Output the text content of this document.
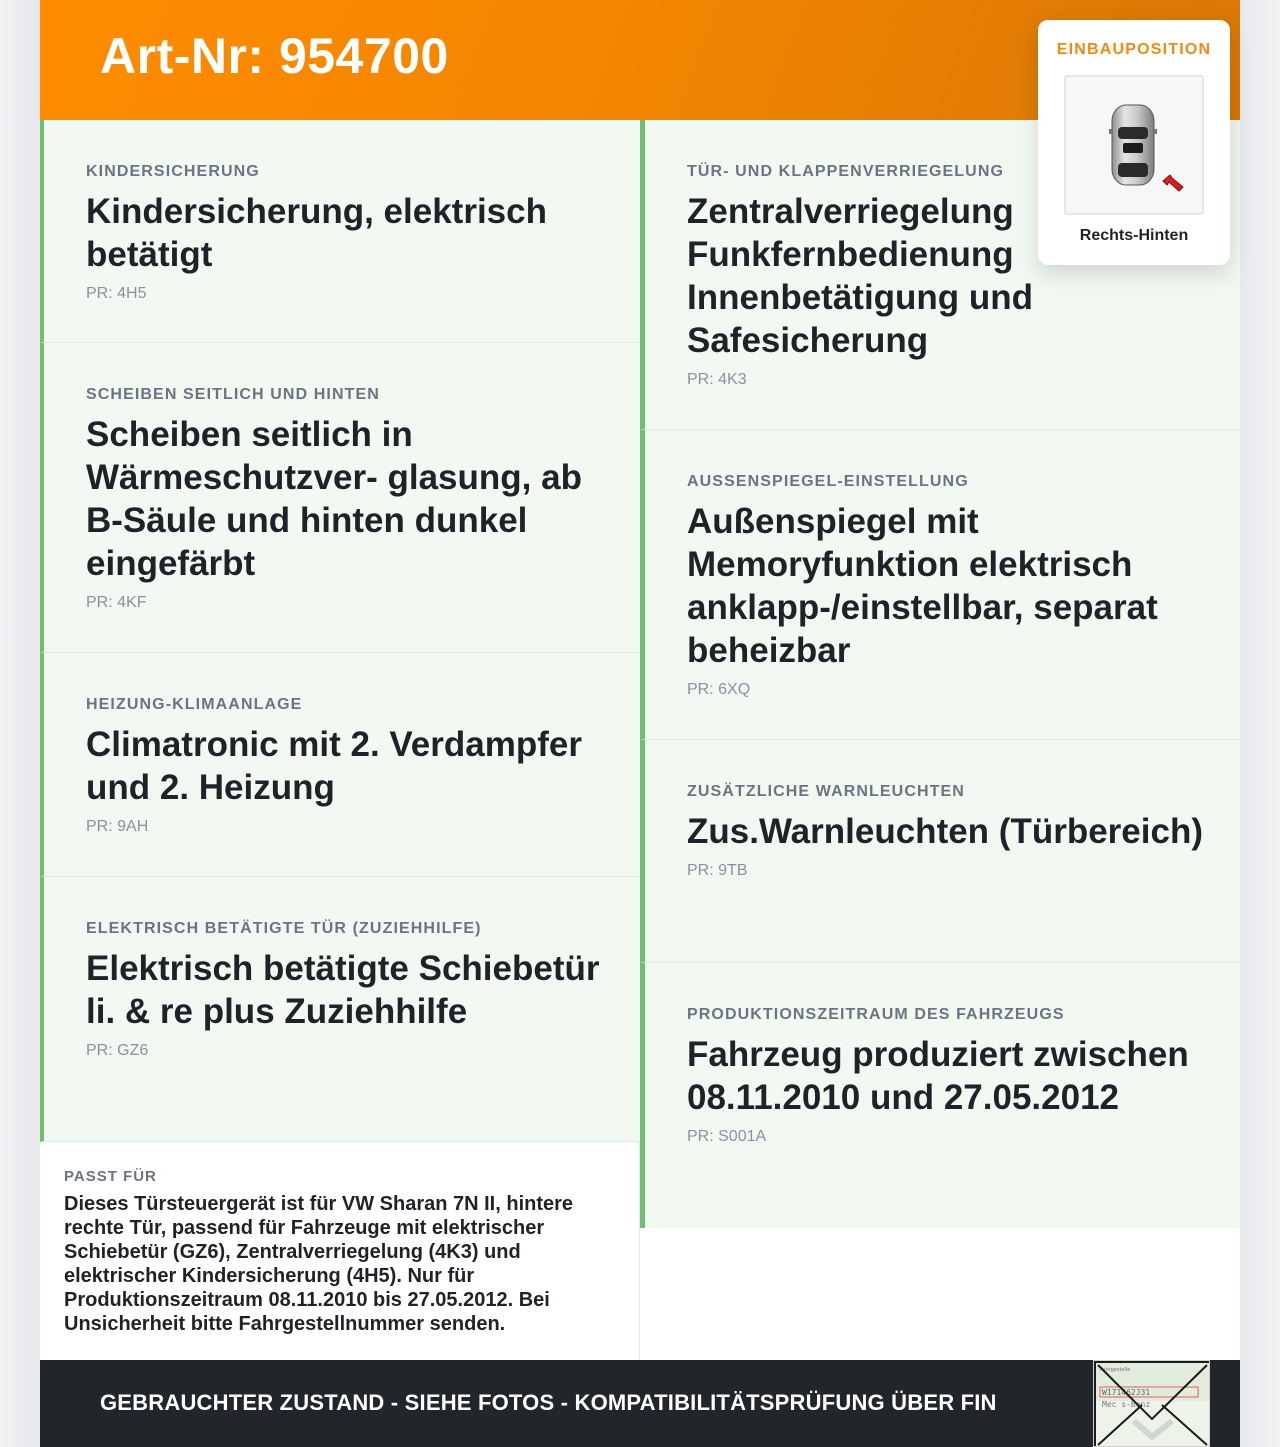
Art-Nr: 954700
KINDERSICHERUNG
Kindersicherung, elektrisch betätigt
PR: 4H5
SCHEIBEN SEITLICH UND HINTEN
Scheiben seitlich in Wärmeschutzver- glasung, ab B-Säule und hinten dunkel eingefärbt
PR: 4KF
HEIZUNG-KLIMAANLAGE
Climatronic mit 2. Verdampfer und 2. Heizung
PR: 9AH
ELEKTRISCH BETÄTIGTE TÜR (ZUZIEHHILFE)
Elektrisch betätigte Schiebetür li. & re plus Zuziehhilfe
PR: GZ6
TÜR- UND KLAPPENVERRIEGELUNG
Zentralverriegelung
Funkfernbedienung
Innenbetätigung und
Safesicherung
PR: 4K3
AUSSENSPIEGEL-EINSTELLUNG
Außenspiegel mit Memoryfunktion elektrisch anklapp-/einstellbar, separat beheizbar
PR: 6XQ
ZUSÄTZLICHE WARNLEUCHTEN
Zus.Warnleuchten (Türbereich)
PR: 9TB
PRODUKTIONSZEITRAUM DES FAHRZEUGS
Fahrzeug produziert zwischen 08.11.2010 und 27.05.2012
PR: S001A
PASST FÜR
Dieses Türsteuergerät ist für VW Sharan 7N II, hintere rechte Tür, passend für Fahrzeuge mit elektrischer Schiebetür (GZ6), Zentralverriegelung (4K3) und elektrischer Kindersicherung (4H5). Nur für Produktionszeitraum 08.11.2010 bis 27.05.2012. Bei Unsicherheit bitte Fahrgestellnummer senden.
GEBRAUCHTER ZUSTAND - SIEHE FOTOS - KOMPATIBILITÄTSPRÜFUNG ÜBER FIN
Fahrgestelle
W171462J31
Mec s-Benz
EINBAUPOSITION
Rechts-Hinten
